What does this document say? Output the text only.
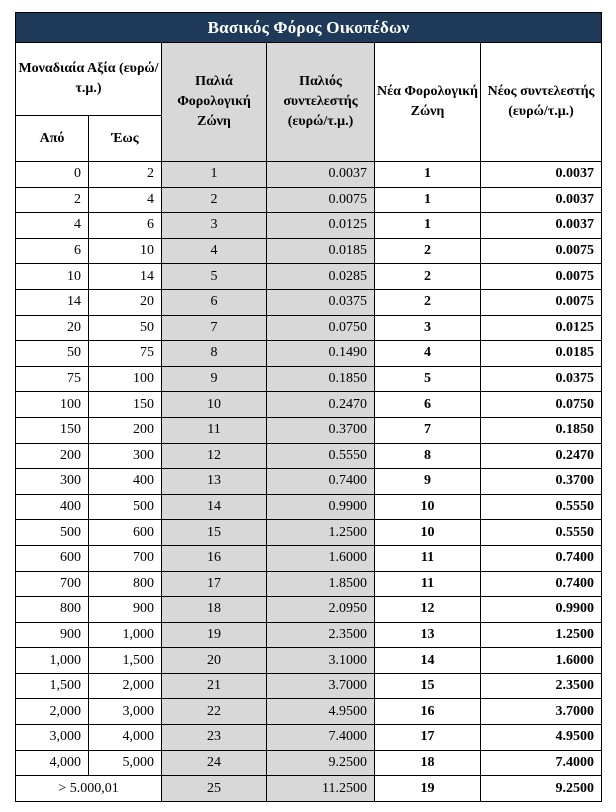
Βασικός Φόρος Οικοπέδων					
Μοναδιαία Αξία (ευρώ/τ.μ.)		Παλιά Φορολογική Ζώνη	Παλιός συντελεστής (ευρώ/τ.μ.)	Νέα Φορολογική Ζώνη	Νέος συντελεστής (ευρώ/τ.μ.)
Από	Έως				
0	2	1	0.0037	1	0.0037
2	4	2	0.0075	1	0.0037
4	6	3	0.0125	1	0.0037
6	10	4	0.0185	2	0.0075
10	14	5	0.0285	2	0.0075
14	20	6	0.0375	2	0.0075
20	50	7	0.0750	3	0.0125
50	75	8	0.1490	4	0.0185
75	100	9	0.1850	5	0.0375
100	150	10	0.2470	6	0.0750
150	200	11	0.3700	7	0.1850
200	300	12	0.5550	8	0.2470
300	400	13	0.7400	9	0.3700
400	500	14	0.9900	10	0.5550
500	600	15	1.2500	10	0.5550
600	700	16	1.6000	11	0.7400
700	800	17	1.8500	11	0.7400
800	900	18	2.0950	12	0.9900
900	1,000	19	2.3500	13	1.2500
1,000	1,500	20	3.1000	14	1.6000
1,500	2,000	21	3.7000	15	2.3500
2,000	3,000	22	4.9500	16	3.7000
3,000	4,000	23	7.4000	17	4.9500
4,000	5,000	24	9.2500	18	7.4000
> 5.000,01		25	11.2500	19	9.2500
